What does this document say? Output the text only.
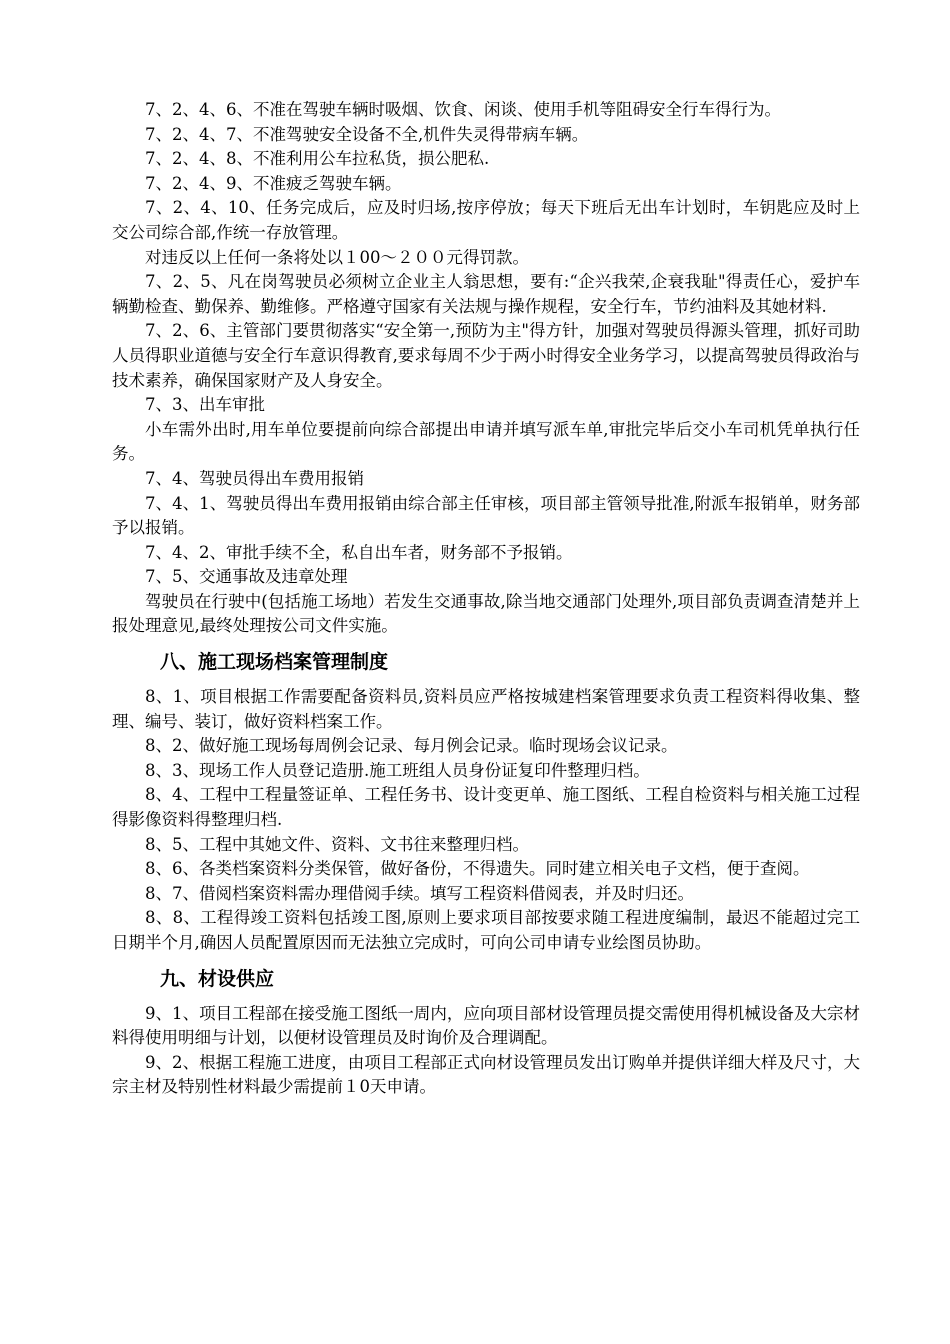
7、2、4、6、不准在驾驶车辆时吸烟、饮食、闲谈、使用手机等阻碍安全行车得行为。

7、2、4、7、不准驾驶安全设备不全,机件失灵得带病车辆。

7、2、4、8、不准利用公车拉私货，损公肥私.

7、2、4、9、不准疲乏驾驶车辆。

7、2、4、10、任务完成后，应及时归场,按序停放；每天下班后无出车计划时，车钥匙应及时上交公司综合部,作统一存放管理。

对违反以上任何一条将处以１00～２００元得罚款。

7、2、5、凡在岗驾驶员必须树立企业主人翁思想，要有:“企兴我荣,企衰我耻"得责任心，爱护车辆勤检查、勤保养、勤维修。严格遵守国家有关法规与操作规程，安全行车，节约油料及其她材料.

7、2、6、主管部门要贯彻落实“安全第一,预防为主"得方针，加强对驾驶员得源头管理，抓好司助人员得职业道德与安全行车意识得教育,要求每周不少于两小时得安全业务学习，以提高驾驶员得政治与技术素养，确保国家财产及人身安全。

7、3、出车审批

小车需外出时,用车单位要提前向综合部提出申请并填写派车单,审批完毕后交小车司机凭单执行任务。

7、4、驾驶员得出车费用报销

7、4、1、驾驶员得出车费用报销由综合部主任审核，项目部主管领导批准,附派车报销单，财务部予以报销。

7、4、2、审批手续不全，私自出车者，财务部不予报销。

7、5、交通事故及违章处理

驾驶员在行驶中(包括施工场地）若发生交通事故,除当地交通部门处理外,项目部负责调查清楚并上报处理意见,最终处理按公司文件实施。

八、施工现场档案管理制度

8、1、项目根据工作需要配备资料员,资料员应严格按城建档案管理要求负责工程资料得收集、整理、编号、装订，做好资料档案工作。

8、2、做好施工现场每周例会记录、每月例会记录。临时现场会议记录。

8、3、现场工作人员登记造册.施工班组人员身份证复印件整理归档。

8、4、工程中工程量签证单、工程任务书、设计变更单、施工图纸、工程自检资料与相关施工过程得影像资料得整理归档.

8、5、工程中其她文件、资料、文书往来整理归档。

8、6、各类档案资料分类保管，做好备份，不得遗失。同时建立相关电子文档，便于查阅。

8、7、借阅档案资料需办理借阅手续。填写工程资料借阅表，并及时归还。

8、8、工程得竣工资料包括竣工图,原则上要求项目部按要求随工程进度编制，最迟不能超过完工日期半个月,确因人员配置原因而无法独立完成时，可向公司申请专业绘图员协助。

九、材设供应

9、1、项目工程部在接受施工图纸一周内，应向项目部材设管理员提交需使用得机械设备及大宗材料得使用明细与计划，以便材设管理员及时询价及合理调配。

9、2、根据工程施工进度，由项目工程部正式向材设管理员发出订购单并提供详细大样及尺寸，大宗主材及特别性材料最少需提前１0天申请。
